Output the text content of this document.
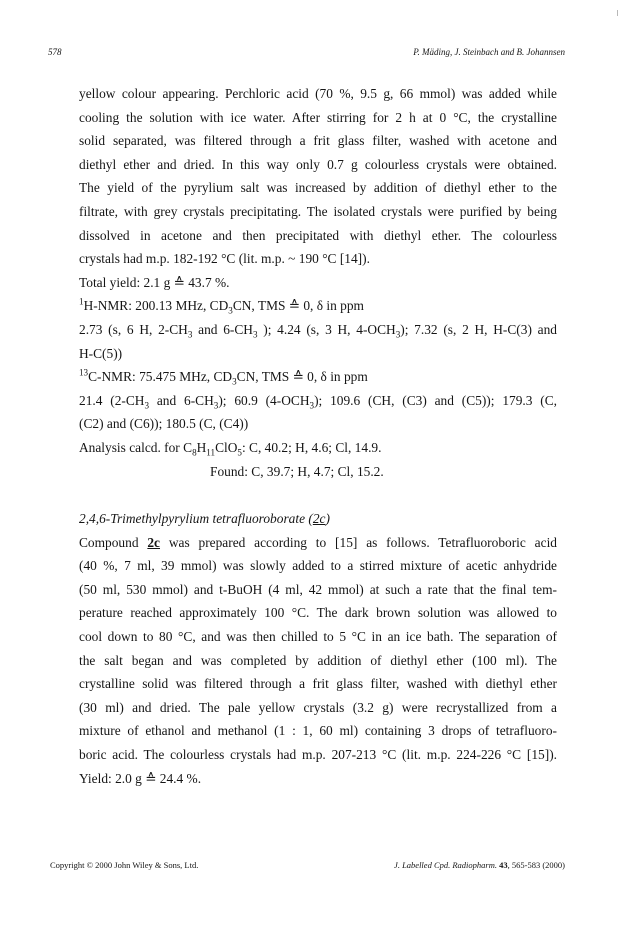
578	P. Mäding, J. Steinbach and B. Johannsen
yellow colour appearing. Perchloric acid (70 %, 9.5 g, 66 mmol) was added while
cooling the solution with ice water. After stirring for 2 h at 0 °C, the crystalline
solid separated, was filtered through a frit glass filter, washed with acetone and
diethyl ether and dried. In this way only 0.7 g colourless crystals were obtained.
The yield of the pyrylium salt was increased by addition of diethyl ether to the
filtrate, with grey crystals precipitating. The isolated crystals were purified by being
dissolved in acetone and then precipitated with diethyl ether. The colourless
crystals had m.p. 182-192 °C (lit. m.p. ~ 190 °C [14]).
Total yield: 2.1 g ≙ 43.7 %.
$^1$H-NMR: 200.13 MHz, $CD_3CN$, TMS ≙ 0, δ in ppm
2.73 (s, 6 H, $2-CH_3$ and $6-CH_3$ ); 4.24 (s, 3 H, $4-OCH_3$); 7.32 (s, 2 H, H-C(3) and
H-C(5))
$^{13}$C-NMR: 75.475 MHz, $CD_3CN$, TMS ≙ 0, δ in ppm
21.4 ($2-CH_3$ and $6-CH_3$); 60.9 $(4-OCH_3)$; 109.6 (CH, (C3) and (C5)); 179.3 (C,
(C2) and (C6)); 180.5 (C, (C4))
Analysis calcd. for $C_8H_{11}ClO_5$: C, 40.2; H, 4.6; Cl, 14.9.
Found: C, 39.7; H, 4.7; Cl, 15.2.
2,4,6-Trimethylpyrylium tetrafluoroborate (2c)
Compound 2c was prepared according to [15] as follows. Tetrafluoroboric acid
(40 %, 7 ml, 39 mmol) was slowly added to a stirred mixture of acetic anhydride
(50 ml, 530 mmol) and t-BuOH (4 ml, 42 mmol) at such a rate that the final tem-
perature reached approximately 100 °C. The dark brown solution was allowed to
cool down to 80 °C, and was then chilled to 5 °C in an ice bath. The separation of
the salt began and was completed by addition of diethyl ether (100 ml). The
crystalline solid was filtered through a frit glass filter, washed with diethyl ether
(30 ml) and dried. The pale yellow crystals (3.2 g) were recrystallized from a
mixture of ethanol and methanol (1 : 1, 60 ml) containing 3 drops of tetrafluoro-
boric acid. The colourless crystals had m.p. 207-213 °C (lit. m.p. 224-226 °C [15]).
Yield: 2.0 g ≙ 24.4 %.
Copyright © 2000 John Wiley & Sons, Ltd.	J. Labelled Cpd. Radiopharm. 43, 565-583 (2000)
